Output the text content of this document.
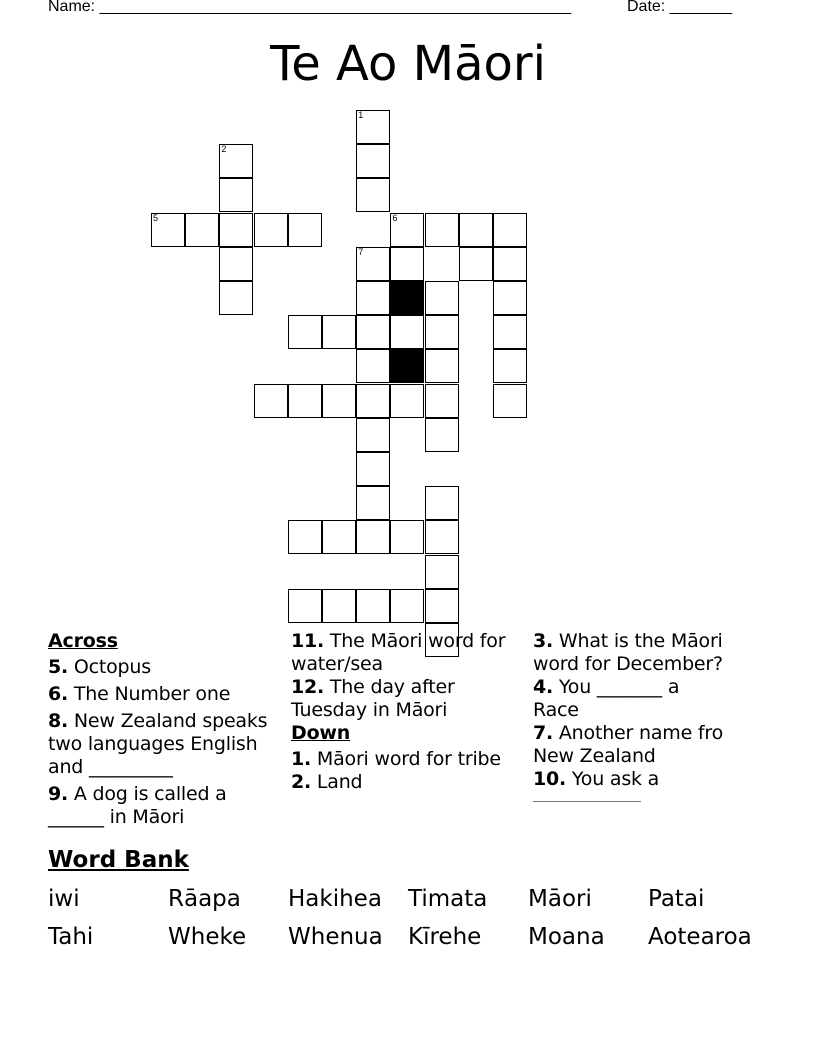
Name: _____________________________________________________	Date: _______
Te Ao Māori
1
2
5	6
7
Across
5. Octopus
6. The Number one
8. New Zealand speaks two languages English and _________
9. A dog is called a ______ in Māori
11. The Māori word for water/sea
12. The day after Tuesday in Māori
Down
1. Māori word for tribe
2. Land
3. What is the Māori word for December?
4. You _______ a Race
7. Another name fro New Zealand
10. You ask a
Word Bank
iwi	Rāapa Hakihea Timata Māori Patai
Tahi	Wheke Whenua Kīrehe Moana Aotearoa
